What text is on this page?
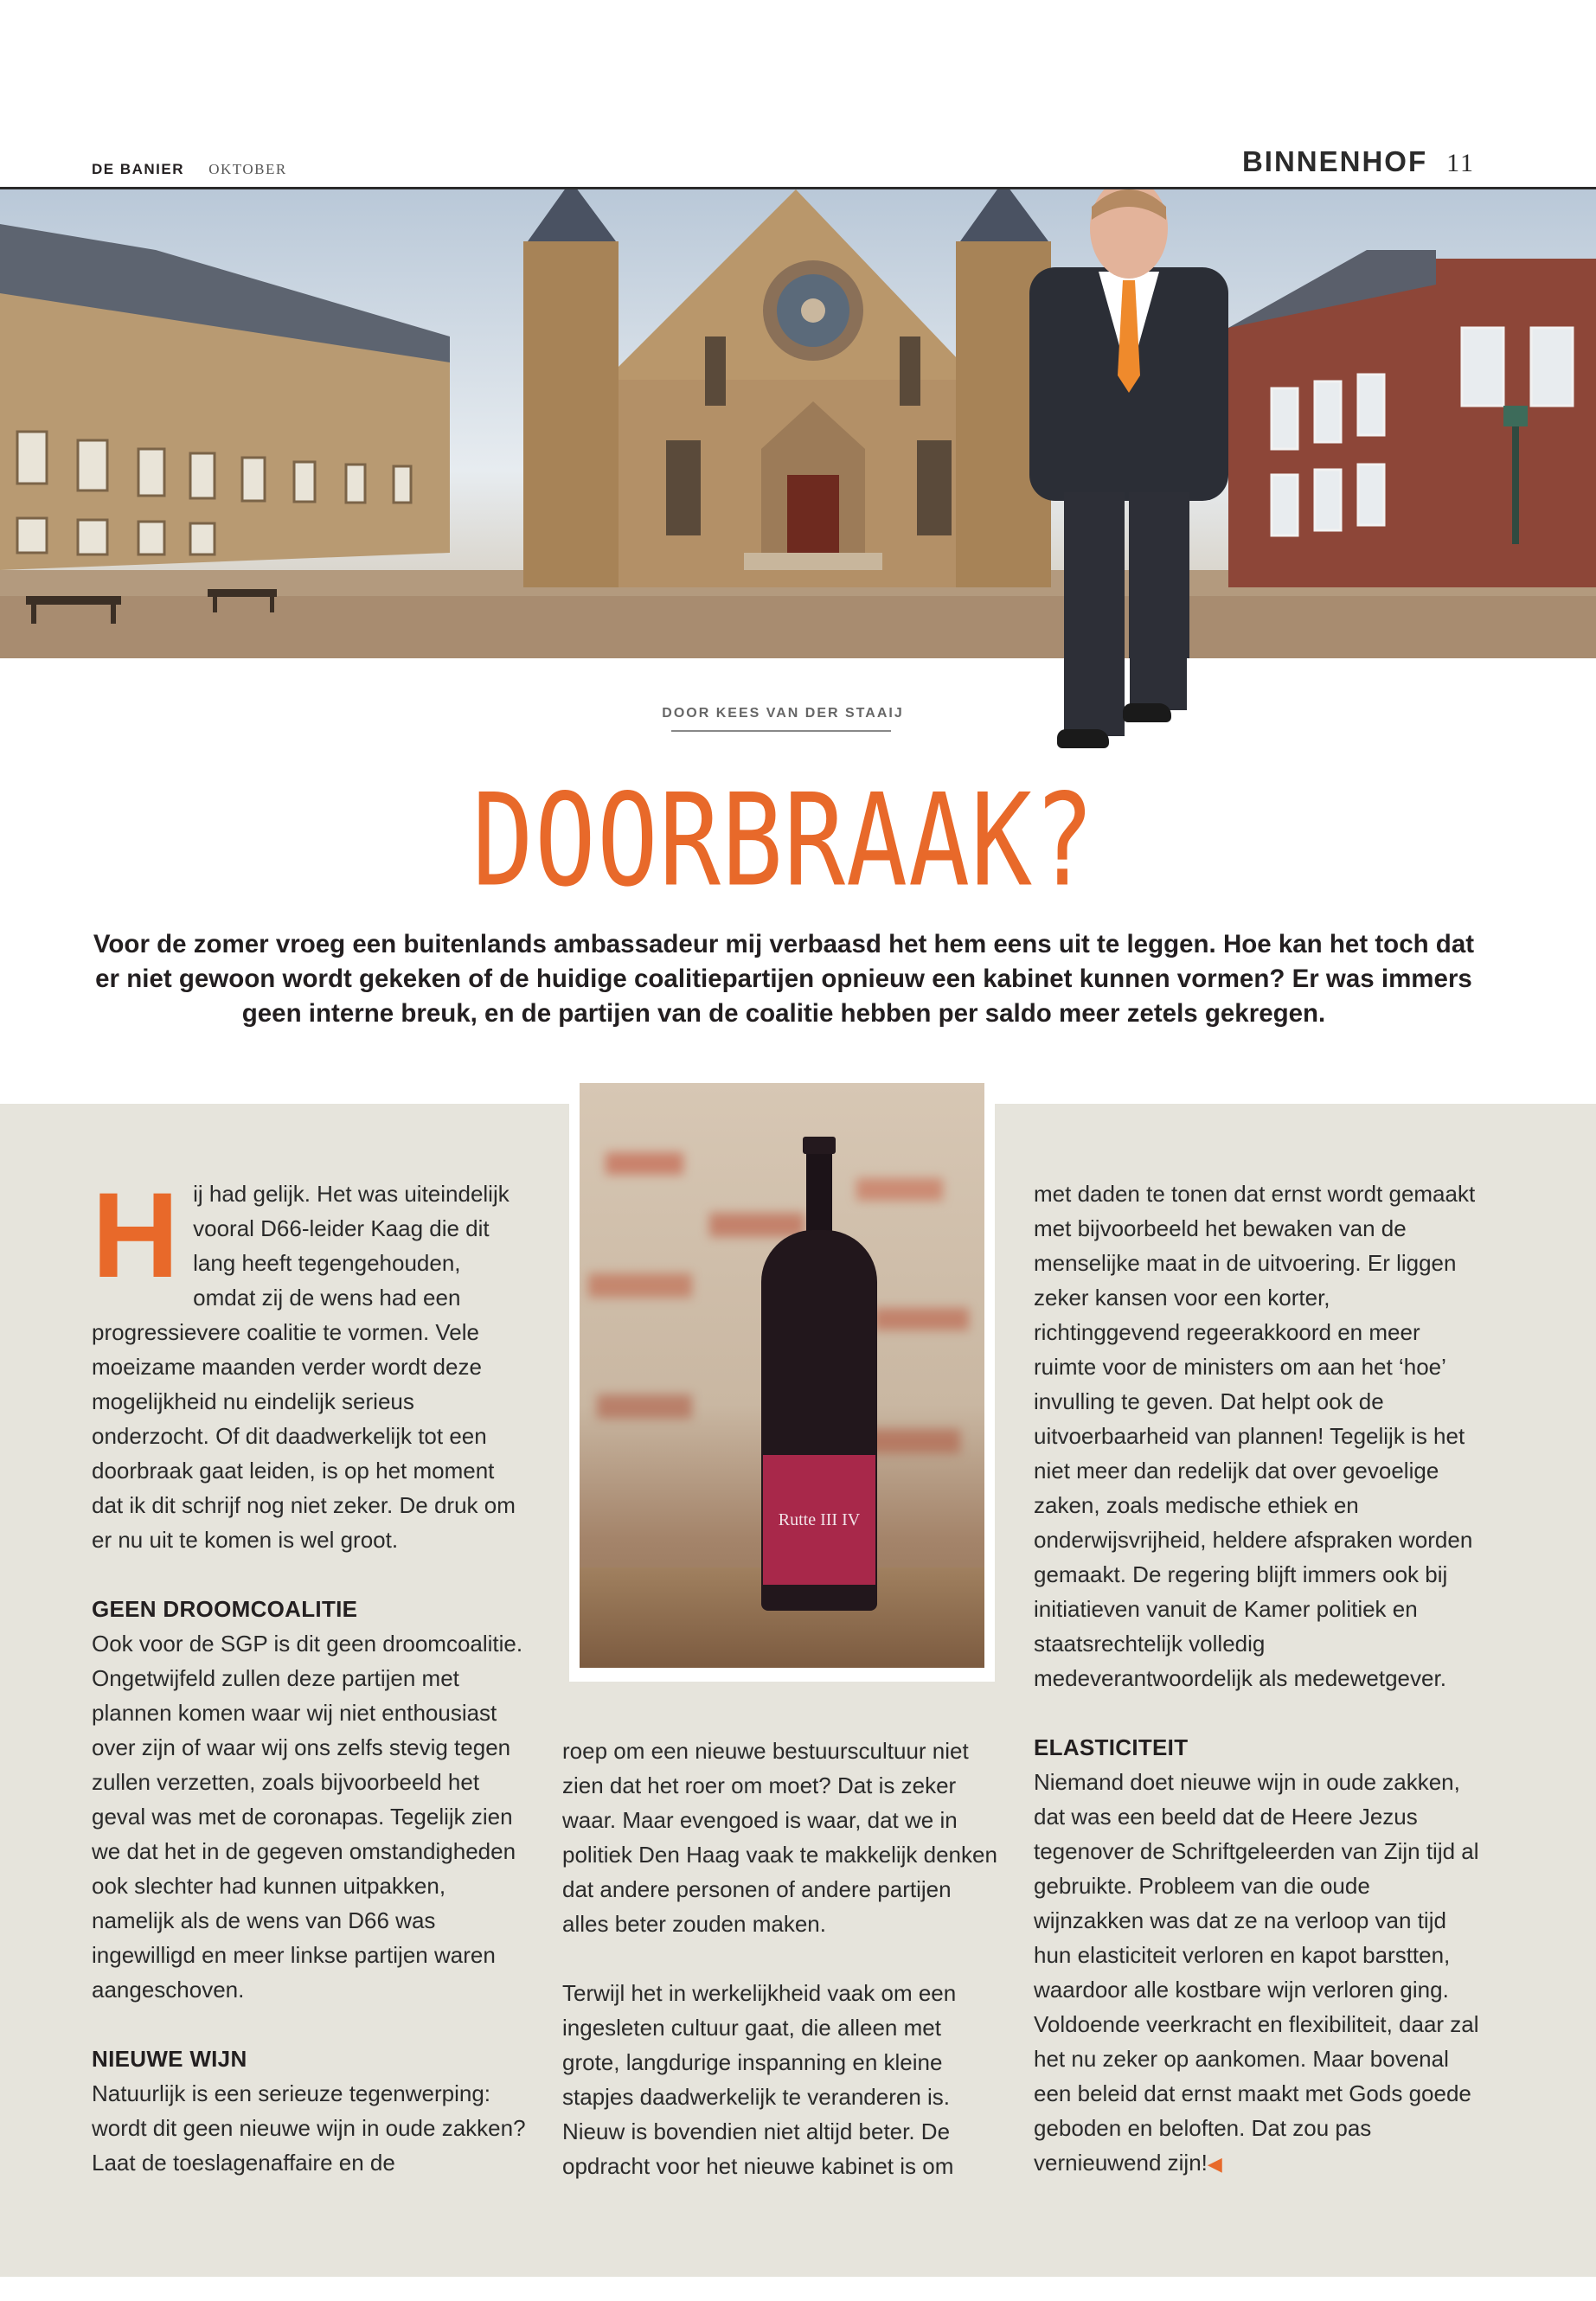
DE BANIER OKTOBER	BINNENHOF 11
DOOR KEES VAN DER STAAIJ
DOORBRAAK?
Voor de zomer vroeg een buitenlands ambassadeur mij verbaasd het hem eens uit te leggen. Hoe kan het toch dat er niet gewoon wordt gekeken of de huidige coalitiepartijen opnieuw een kabinet kunnen vormen? Er was immers geen interne breuk, en de partijen van de coalitie hebben per saldo meer zetels gekregen.
Rutte III IV

Hij had gelijk. Het was uiteindelijk vooral D66-leider Kaag die dit lang heeft tegengehouden, omdat zij de wens had een progressievere coalitie te vormen. Vele moeizame maanden verder wordt deze mogelijkheid nu eindelijk serieus onderzocht. Of dit daadwerkelijk tot een doorbraak gaat leiden, is op het moment dat ik dit schrijf nog niet zeker. De druk om er nu uit te komen is wel groot.

GEEN DROOMCOALITIE

Ook voor de SGP is dit geen droomcoalitie. Ongetwijfeld zullen deze partijen met plannen komen waar wij niet enthousiast over zijn of waar wij ons zelfs stevig tegen zullen verzetten, zoals bijvoorbeeld het geval was met de coronapas. Tegelijk zien we dat het in de gegeven omstandigheden ook slechter had kunnen uitpakken, namelijk als de wens van D66 was ingewilligd en meer linkse partijen waren aangeschoven.

NIEUWE WIJN

Natuurlijk is een serieuze tegenwerping: wordt dit geen nieuwe wijn in oude zakken? Laat de toeslagenaffaire en de

roep om een nieuwe bestuurscultuur niet zien dat het roer om moet? Dat is zeker waar. Maar evengoed is waar, dat we in politiek Den Haag vaak te makkelijk denken dat andere personen of andere partijen alles beter zouden maken.

Terwijl het in werkelijkheid vaak om een ingesleten cultuur gaat, die alleen met grote, langdurige inspanning en kleine stapjes daadwerkelijk te veranderen is. Nieuw is bovendien niet altijd beter. De opdracht voor het nieuwe kabinet is om

met daden te tonen dat ernst wordt gemaakt met bijvoorbeeld het bewaken van de menselijke maat in de uitvoering. Er liggen zeker kansen voor een korter, richtinggevend regeerakkoord en meer ruimte voor de ministers om aan het ‘hoe’ invulling te geven. Dat helpt ook de uitvoerbaarheid van plannen! Tegelijk is het niet meer dan redelijk dat over gevoelige zaken, zoals medische ethiek en onderwijsvrijheid, heldere afspraken worden gemaakt. De regering blijft immers ook bij initiatieven vanuit de Kamer politiek en staatsrechtelijk volledig medeverantwoordelijk als medewetgever.

ELASTICITEIT

Niemand doet nieuwe wijn in oude zakken, dat was een beeld dat de Heere Jezus tegenover de Schriftgeleerden van Zijn tijd al gebruikte. Probleem van die oude wijnzakken was dat ze na verloop van tijd hun elasticiteit verloren en kapot barstten, waardoor alle kostbare wijn verloren ging. Voldoende veerkracht en flexibiliteit, daar zal het nu zeker op aankomen. Maar bovenal een beleid dat ernst maakt met Gods goede geboden en beloften. Dat zou pas vernieuwend zijn!◀
